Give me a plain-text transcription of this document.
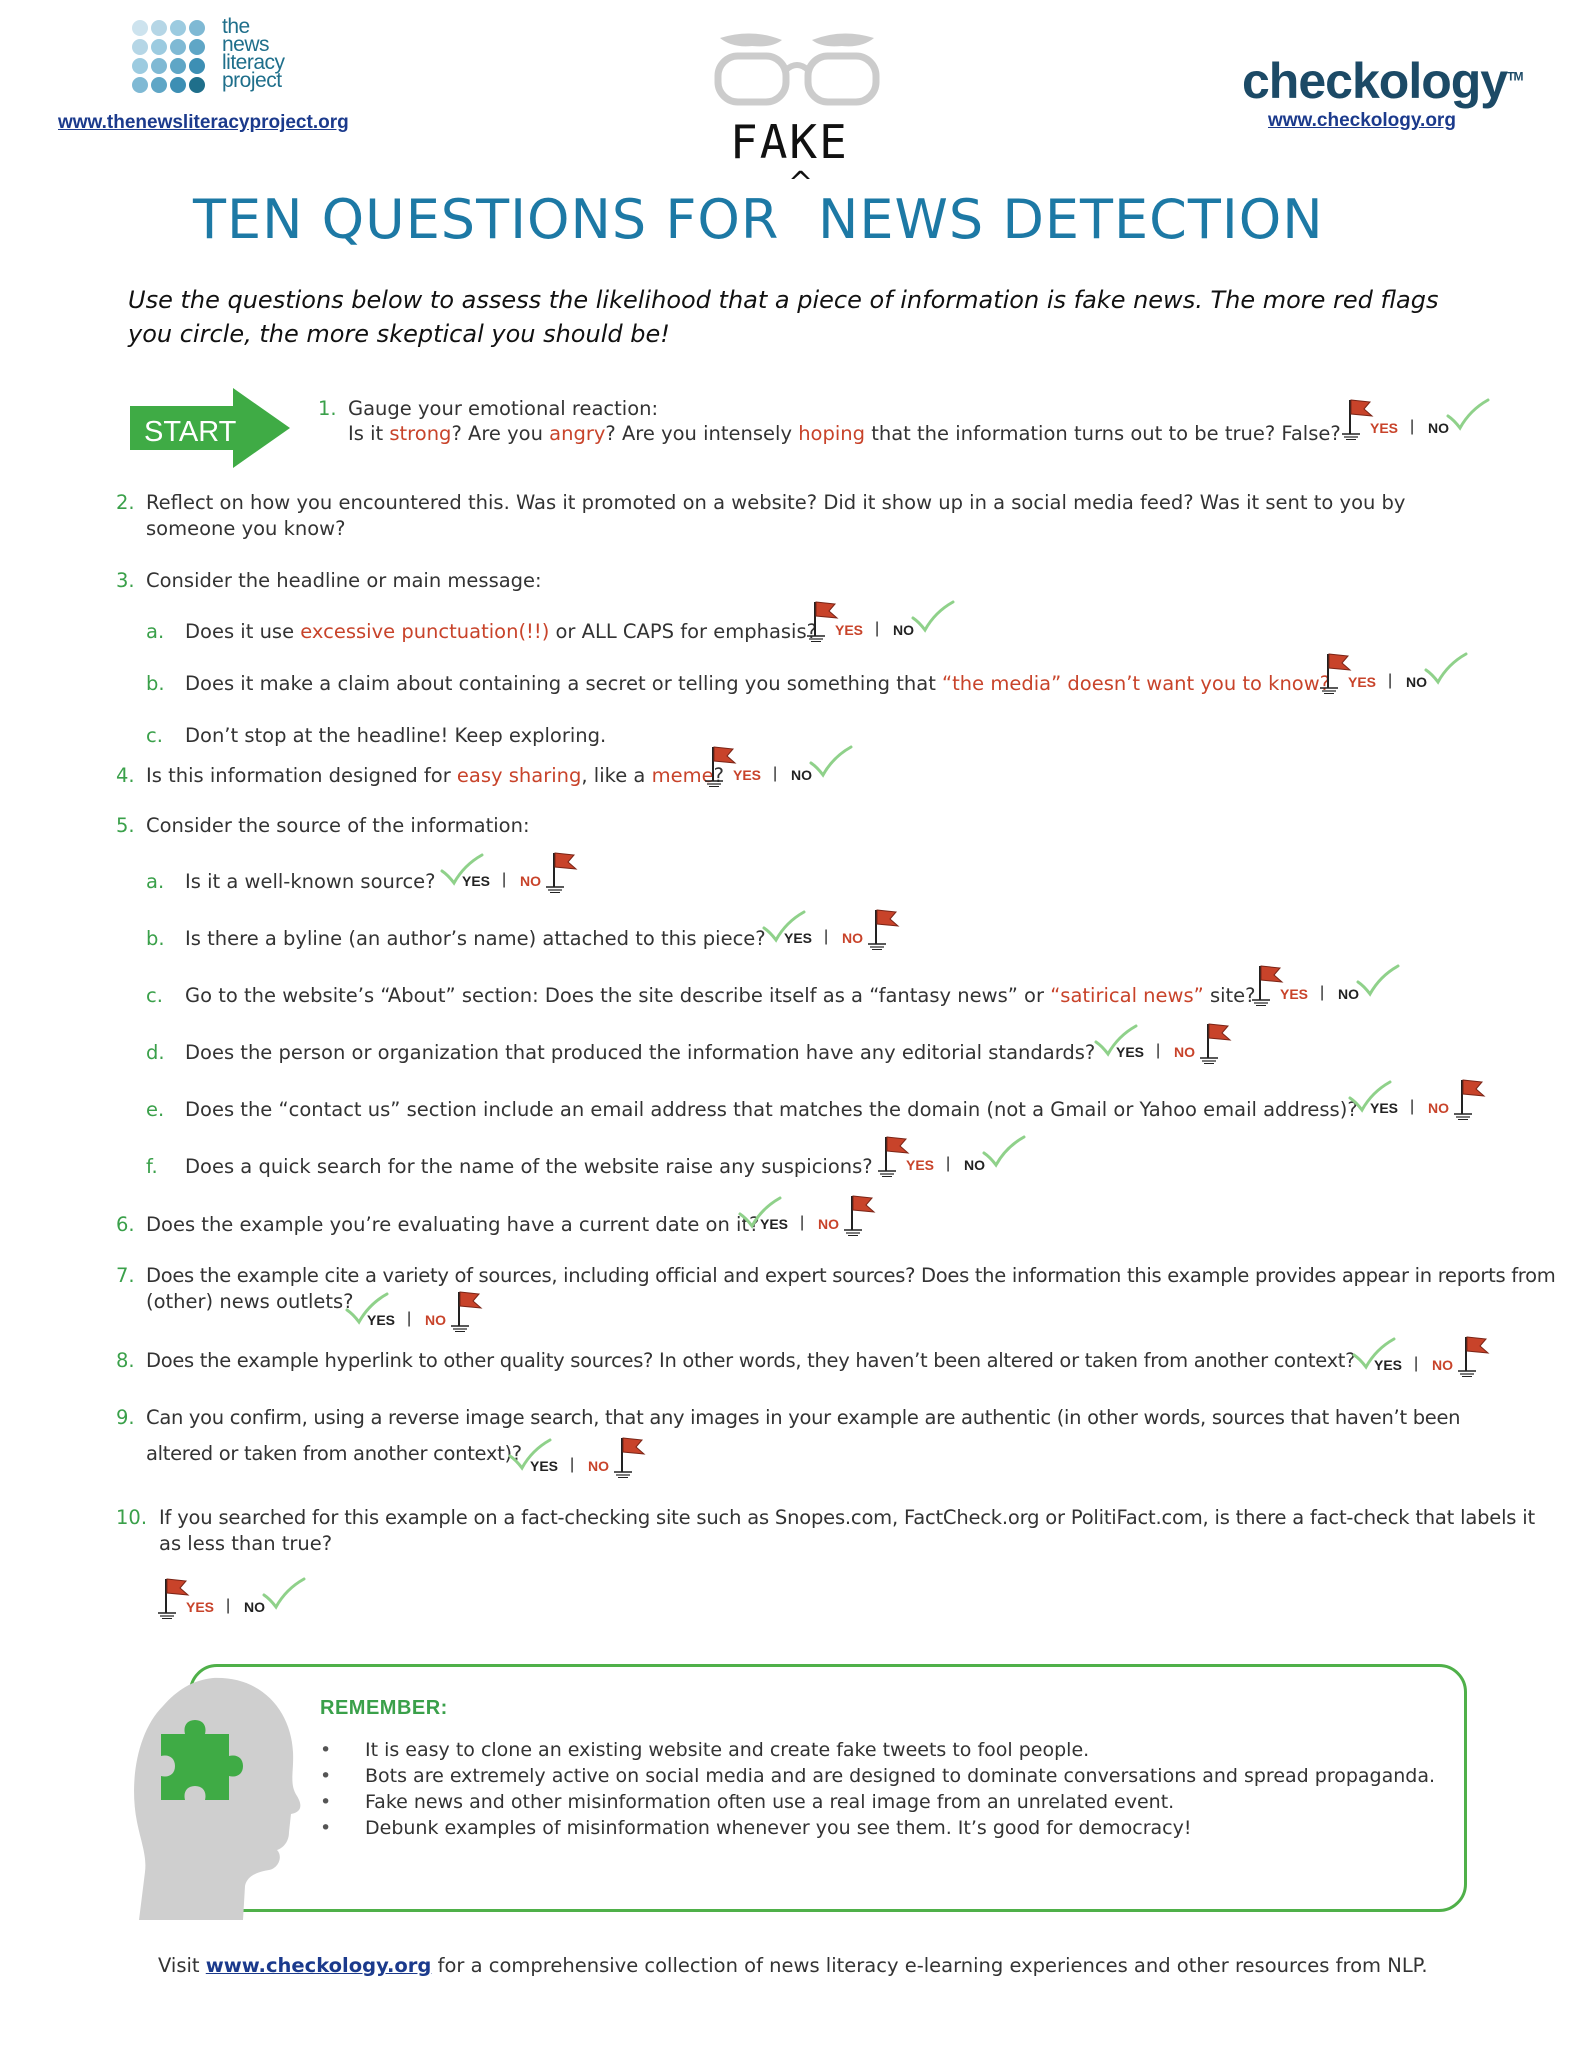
the
news
literacy
project
www.thenewsliteracyproject.org	FAKE
^
checkology™
www.checkology.org
TEN QUESTIONS FOR NEWS DETECTION
Use the questions below to assess the likelihood that a piece of information is fake news. The more red flags you circle, the more skeptical you should be!
START
1. Gauge your emotional reaction:
Is it strong? Are you angry? Are you intensely hoping that the information turns out to be true? False? YES | NO
2. Reflect on how you encountered this. Was it promoted on a website? Did it show up in a social media feed? Was it sent to you by
someone you know?
3. Consider the headline or main message:
a. Does it use excessive punctuation(!!) or ALL CAPS for emphasis? YES | NO
b. Does it make a claim about containing a secret or telling you something that “the media” doesn’t want you to know? YES | NO
c. Don’t stop at the headline! Keep exploring.
4. Is this information designed for easy sharing, like a meme? YES | NO
5. Consider the source of the information:
a. Is it a well-known source? YES | NO
b. Is there a byline (an author’s name) attached to this piece? YES | NO
c. Go to the website’s “About” section: Does the site describe itself as a “fantasy news” or “satirical news” site? YES | NO
d. Does the person or organization that produced the information have any editorial standards? YES | NO
e. Does the “contact us” section include an email address that matches the domain (not a Gmail or Yahoo email address)? YES | NO
f. Does a quick search for the name of the website raise any suspicions? YES | NO
6. Does the example you’re evaluating have a current date on it? YES | NO
7. Does the example cite a variety of sources, including official and expert sources? Does the information this example provides appear in reports from
(other) news outlets?
YES | NO
8. Does the example hyperlink to other quality sources? In other words, they haven’t been altered or taken from another context? YES | NO
9. Can you confirm, using a reverse image search, that any images in your example are authentic (in other words, sources that haven’t been
altered or taken from another context)?
YES | NO
10. If you searched for this example on a fact-checking site such as Snopes.com, FactCheck.org or PolitiFact.com, is there a fact-check that labels it
as less than true?
YES | NO
REMEMBER:
• It is easy to clone an existing website and create fake tweets to fool people.
• Bots are extremely active on social media and are designed to dominate conversations and spread propaganda.
• Fake news and other misinformation often use a real image from an unrelated event.
• Debunk examples of misinformation whenever you see them. It’s good for democracy!
Visit www.checkology.org for a comprehensive collection of news literacy e-learning experiences and other resources from NLP.
